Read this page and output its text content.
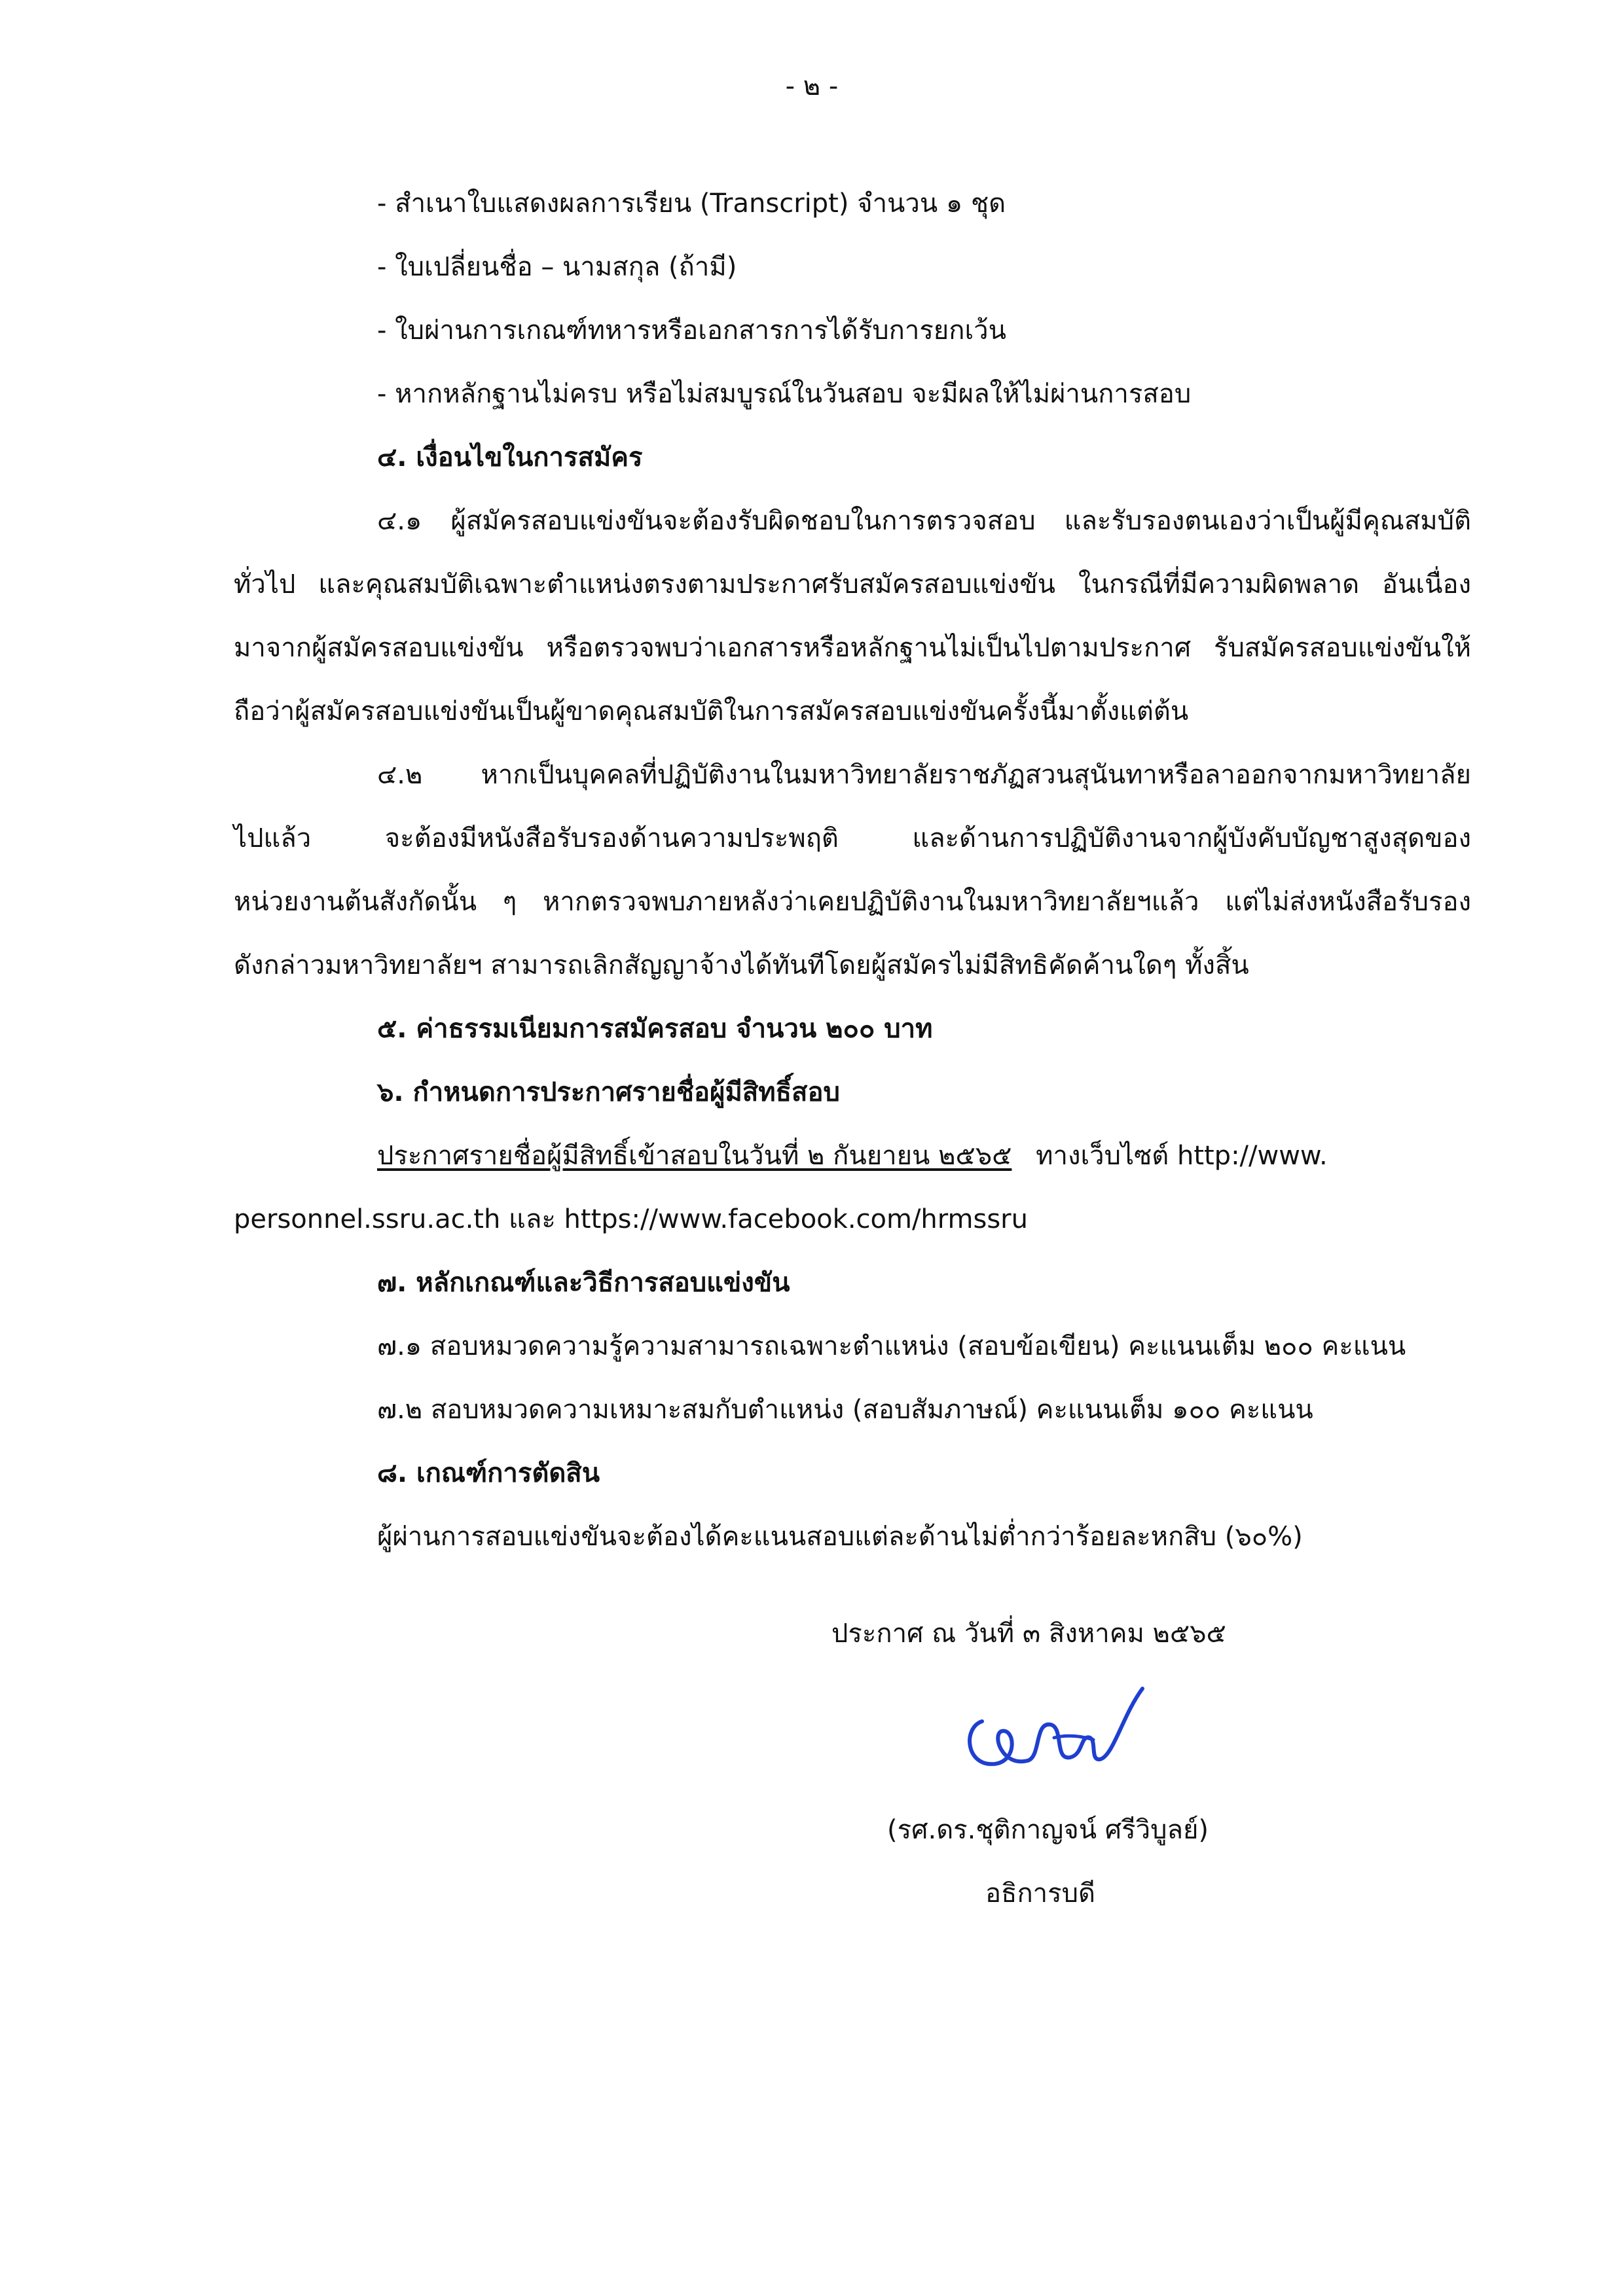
- ๒ -
- สำเนาใบแสดงผลการเรียน (Transcript) จำนวน ๑ ชุด
- ใบเปลี่ยนชื่อ – นามสกุล (ถ้ามี)
- ใบผ่านการเกณฑ์ทหารหรือเอกสารการได้รับการยกเว้น
- หากหลักฐานไม่ครบ หรือไม่สมบูรณ์ในวันสอบ จะมีผลให้ไม่ผ่านการสอบ
๔. เงื่อนไขในการสมัคร
๔.๑ ผู้สมัครสอบแข่งขันจะต้องรับผิดชอบในการตรวจสอบ และรับรองตนเองว่าเป็นผู้มีคุณสมบัติ
ทั่วไป และคุณสมบัติเฉพาะตำแหน่งตรงตามประกาศรับสมัครสอบแข่งขัน ในกรณีที่มีความผิดพลาด อันเนื่อง
มาจากผู้สมัครสอบแข่งขัน หรือตรวจพบว่าเอกสารหรือหลักฐานไม่เป็นไปตามประกาศ รับสมัครสอบแข่งขันให้
ถือว่าผู้สมัครสอบแข่งขันเป็นผู้ขาดคุณสมบัติในการสมัครสอบแข่งขันครั้งนี้มาตั้งแต่ต้น
๔.๒ หากเป็นบุคคลที่ปฏิบัติงานในมหาวิทยาลัยราชภัฏสวนสุนันทาหรือลาออกจากมหาวิทยาลัย
ไปแล้ว จะต้องมีหนังสือรับรองด้านความประพฤติ และด้านการปฏิบัติงานจากผู้บังคับบัญชาสูงสุดของ
หน่วยงานต้นสังกัดนั้น ๆ หากตรวจพบภายหลังว่าเคยปฏิบัติงานในมหาวิทยาลัยฯแล้ว แต่ไม่ส่งหนังสือรับรอง
ดังกล่าวมหาวิทยาลัยฯ สามารถเลิกสัญญาจ้างได้ทันทีโดยผู้สมัครไม่มีสิทธิคัดค้านใดๆ ทั้งสิ้น
๕. ค่าธรรมเนียมการสมัครสอบ จำนวน ๒๐๐ บาท
๖. กำหนดการประกาศรายชื่อผู้มีสิทธิ์สอบ
ประกาศรายชื่อผู้มีสิทธิ์เข้าสอบในวันที่ ๒ กันยายน ๒๕๖๕ ทางเว็บไซต์ http://www.
personnel.ssru.ac.th และ https://www.facebook.com/hrmssru
๗. หลักเกณฑ์และวิธีการสอบแข่งขัน
๗.๑ สอบหมวดความรู้ความสามารถเฉพาะตำแหน่ง (สอบข้อเขียน) คะแนนเต็ม ๒๐๐ คะแนน
๗.๒ สอบหมวดความเหมาะสมกับตำแหน่ง (สอบสัมภาษณ์) คะแนนเต็ม ๑๐๐ คะแนน
๘. เกณฑ์การตัดสิน
ผู้ผ่านการสอบแข่งขันจะต้องได้คะแนนสอบแต่ละด้านไม่ต่ำกว่าร้อยละหกสิบ (๖๐%)
ประกาศ ณ วันที่ ๓ สิงหาคม ๒๕๖๕
(รศ.ดร.ชุติกาญจน์ ศรีวิบูลย์)
อธิการบดี
